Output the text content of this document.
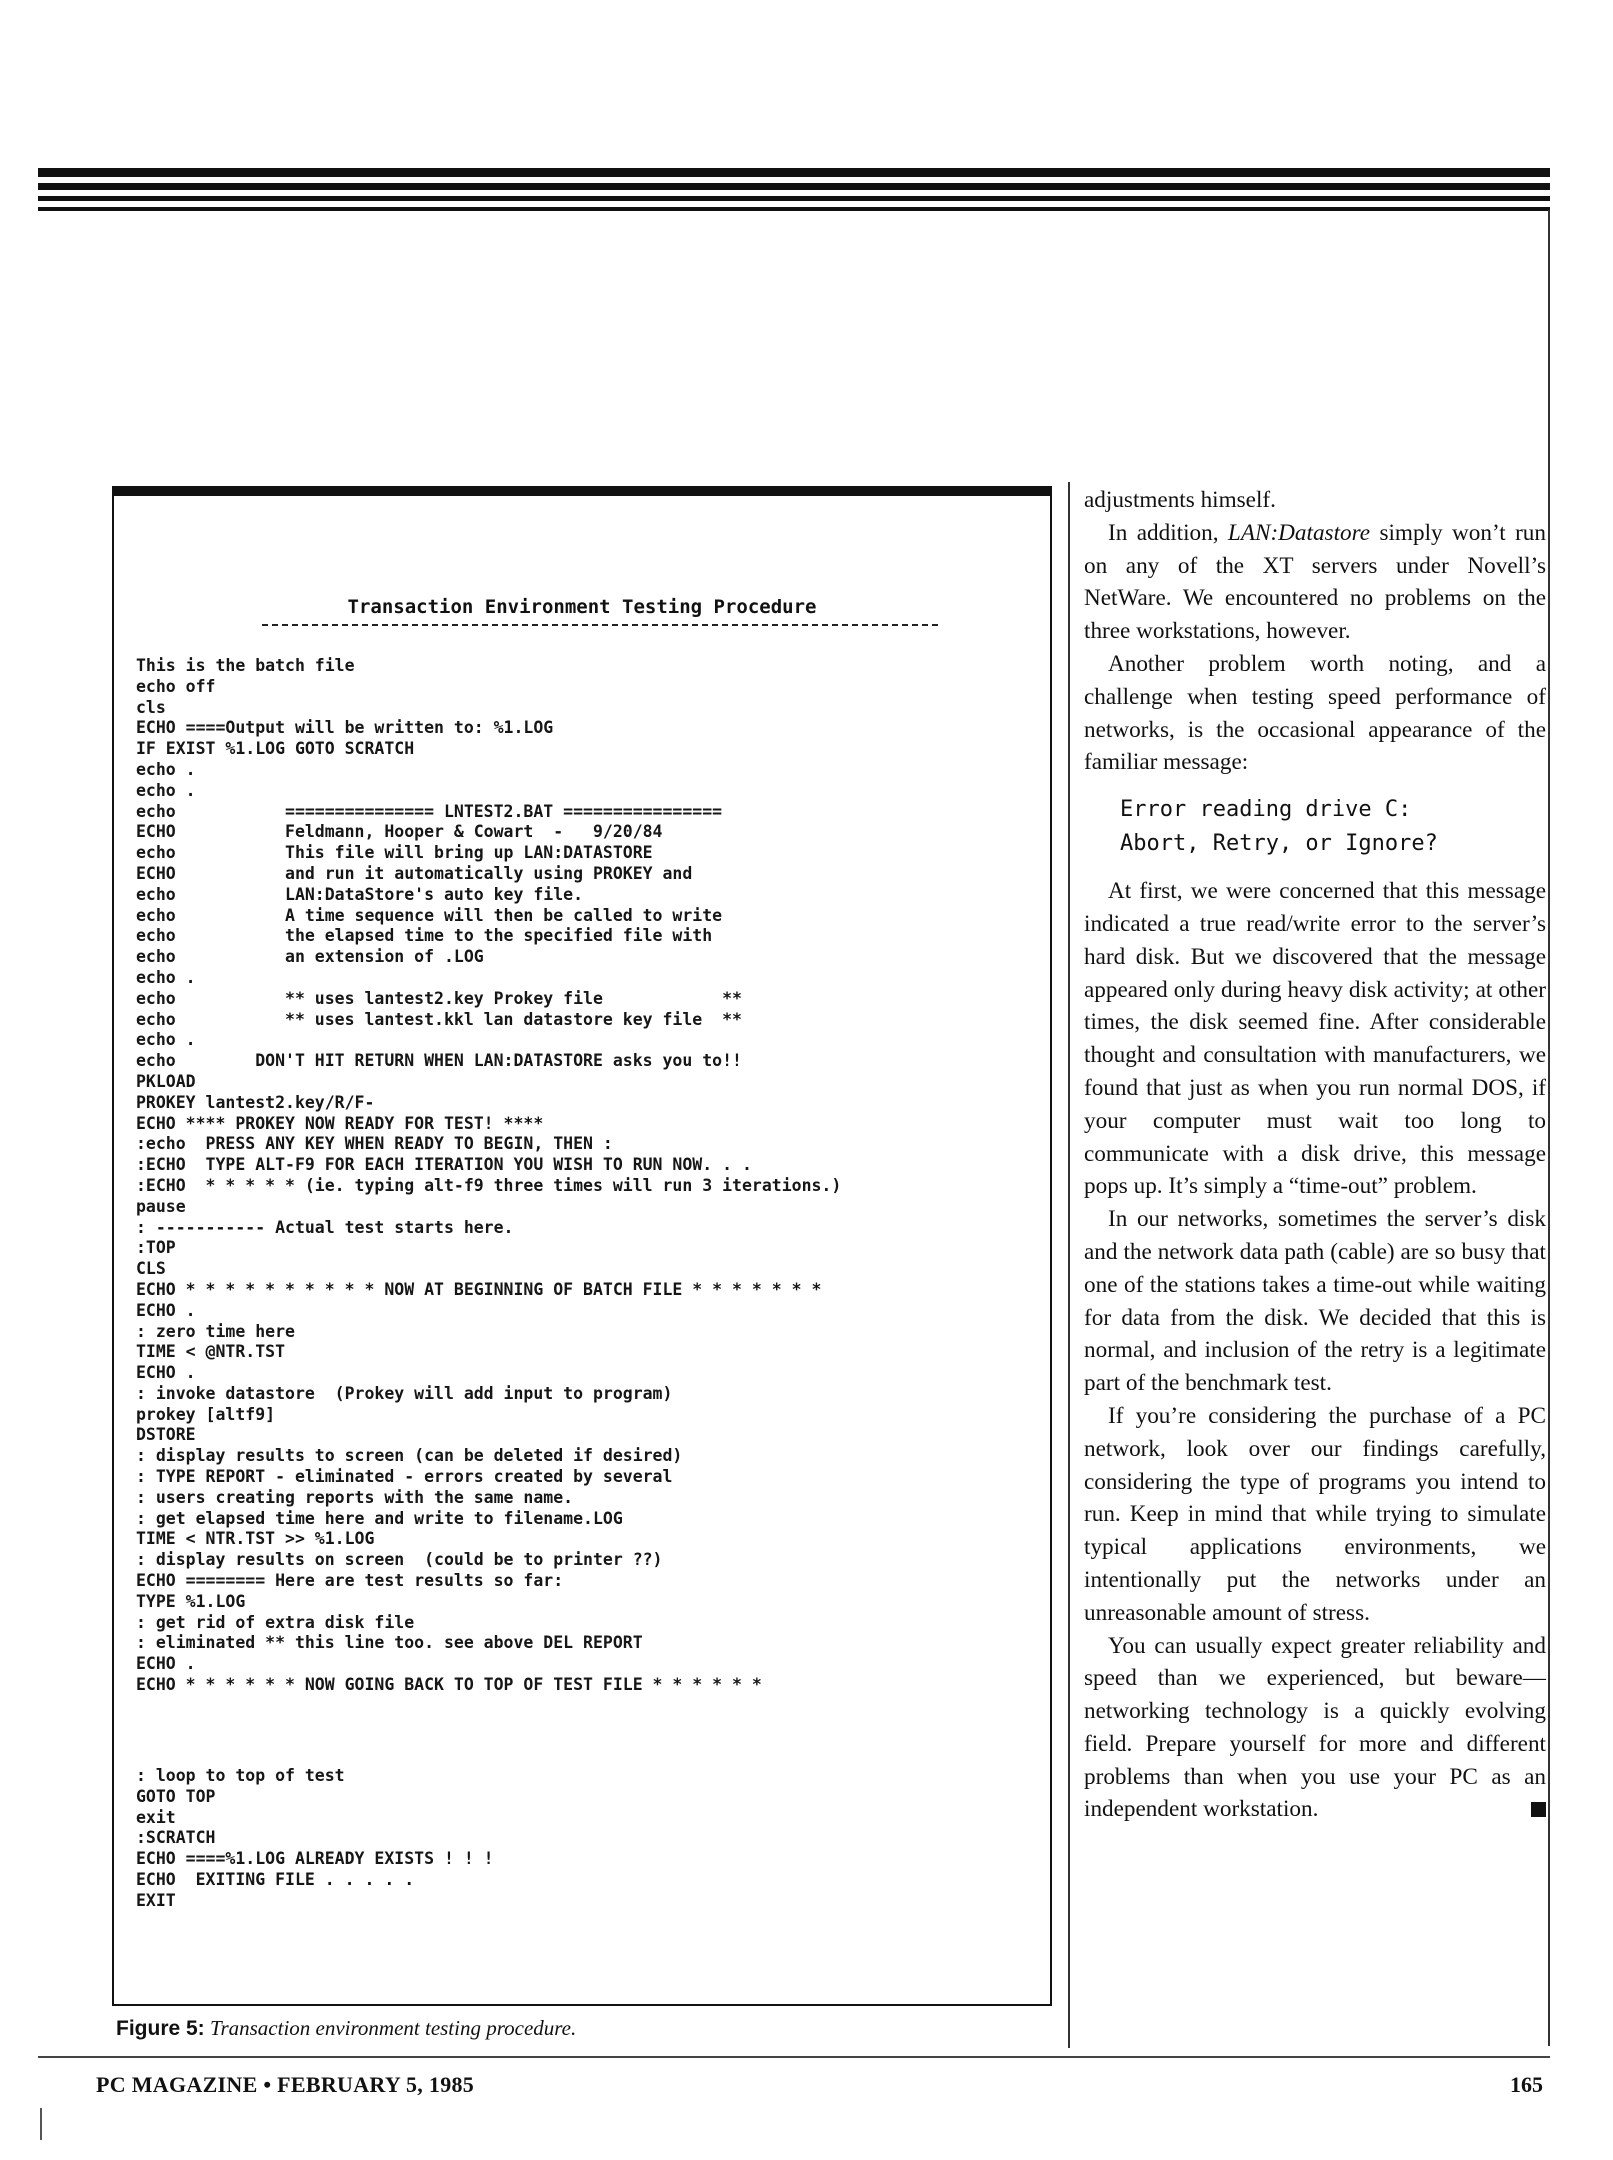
Transaction Environment Testing Procedure
This is the batch file
echo off
cls
ECHO ====Output will be written to: %1.LOG
IF EXIST %1.LOG GOTO SCRATCH
echo .
echo .
echo           =============== LNTEST2.BAT ================
ECHO           Feldmann, Hooper & Cowart  -   9/20/84
echo           This file will bring up LAN:DATASTORE
ECHO           and run it automatically using PROKEY and
echo           LAN:DataStore's auto key file.
echo           A time sequence will then be called to write
echo           the elapsed time to the specified file with
echo           an extension of .LOG
echo .
echo           ** uses lantest2.key Prokey file            **
echo           ** uses lantest.kkl lan datastore key file  **
echo .
echo        DON'T HIT RETURN WHEN LAN:DATASTORE asks you to!!
PKLOAD
PROKEY lantest2.key/R/F-
ECHO **** PROKEY NOW READY FOR TEST! ****
:echo  PRESS ANY KEY WHEN READY TO BEGIN, THEN :
:ECHO  TYPE ALT-F9 FOR EACH ITERATION YOU WISH TO RUN NOW. . .
:ECHO  * * * * * (ie. typing alt-f9 three times will run 3 iterations.)
pause
: ----------- Actual test starts here.
:TOP
CLS
ECHO * * * * * * * * * * NOW AT BEGINNING OF BATCH FILE * * * * * * *
ECHO .
: zero time here
TIME < @NTR.TST
ECHO .
: invoke datastore  (Prokey will add input to program)
prokey [altf9]
DSTORE
: display results to screen (can be deleted if desired)
: TYPE REPORT - eliminated - errors created by several
: users creating reports with the same name.
: get elapsed time here and write to filename.LOG
TIME < NTR.TST >> %1.LOG
: display results on screen  (could be to printer ??)
ECHO ======== Here are test results so far:
TYPE %1.LOG
: get rid of extra disk file
: eliminated ** this line too. see above DEL REPORT
ECHO .
ECHO * * * * * * NOW GOING BACK TO TOP OF TEST FILE * * * * * *
: loop to top of test
GOTO TOP
exit
:SCRATCH
ECHO ====%1.LOG ALREADY EXISTS ! ! !
ECHO  EXITING FILE . . . . .
EXIT
Figure 5: Transaction environment testing procedure.

adjustments himself.

In addition, LAN:Datastore simply won’t run on any of the XT servers under Novell’s NetWare. We encountered no problems on the three workstations, however.

Another problem worth noting, and a challenge when testing speed performance of networks, is the occasional appearance of the familiar message:

Error reading drive C:
Abort, Retry, or Ignore?

At first, we were concerned that this message indicated a true read/write error to the server’s hard disk. But we discovered that the message appeared only during heavy disk activity; at other times, the disk seemed fine. After considerable thought and consultation with manufacturers, we found that just as when you run normal DOS, if your computer must wait too long to communicate with a disk drive, this message pops up. It’s simply a “time-out” problem.

In our networks, sometimes the server’s disk and the network data path (cable) are so busy that one of the stations takes a time-out while waiting for data from the disk. We decided that this is normal, and inclusion of the retry is a legitimate part of the benchmark test.

If you’re considering the purchase of a PC network, look over our findings carefully, considering the type of programs you intend to run. Keep in mind that while trying to simulate typical applications environments, we intentionally put the networks under an unreasonable amount of stress.

You can usually expect greater reliability and speed than we experienced, but beware—networking technology is a quickly evolving field. Prepare yourself for more and different problems than when you use your PC as an independent workstation.

PC MAGAZINE • FEBRUARY 5, 1985	165
